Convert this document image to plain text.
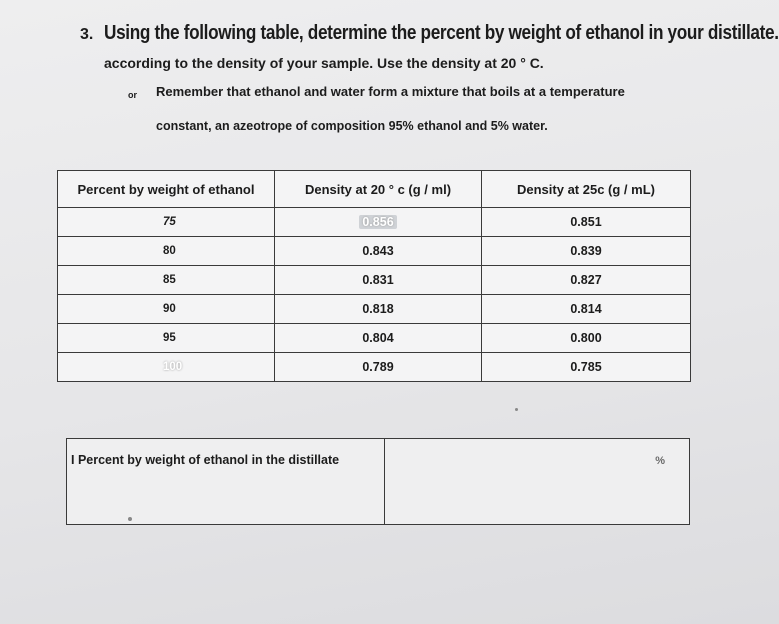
3. Using the following table, determine the percent by weight of ethanol in your distillate.
according to the density of your sample. Use the density at 20 ° C.
or Remember that ethanol and water form a mixture that boils at a temperature
constant, an azeotrope of composition 95% ethanol and 5% water.
Percent by weight of ethanol	Density at 20 ° c (g / ml)	Density at 25c (g / mL)
75	0.856	0.851
80	0.843	0.839
85	0.831	0.827
90	0.818	0.814
95	0.804	0.800
100	0.789	0.785
I Percent by weight of ethanol in the distillate	%
